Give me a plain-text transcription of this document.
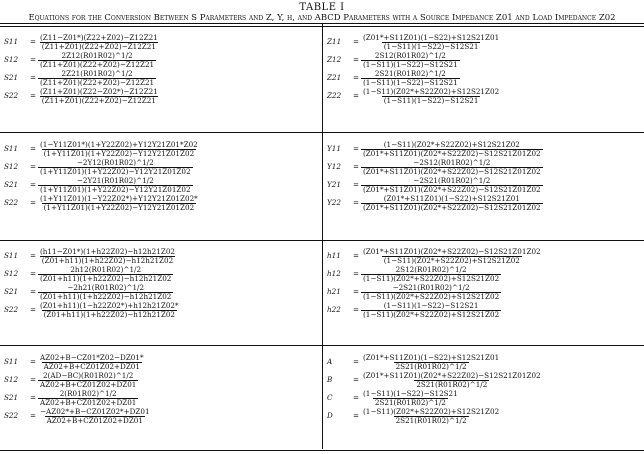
TABLE I
Equations for the Conversion Between S Parameters and Z, Y, h, and ABCD Parameters with a Source Impedance Z01 and Load Impedance Z02
S11	= $\frac{(Z11-Z01*)(Z22+Z02)-Z12Z21}{(Z11+Z01)(Z22+Z02)-Z12Z21}$
S12	= $\frac{2Z12(R01R02)\^{}1/2}{(Z11+Z01)(Z22+Z02)-Z12Z21}$
S21	= $\frac{2Z21(R01R02)\^{}1/2}{(Z11+Z01)(Z22+Z02)-Z12Z21}$
S22	= $\frac{(Z11+Z01)(Z22-Z02*)-Z12Z21}{(Z11+Z01)(Z22+Z02)-Z12Z21}$
Z11	= $\frac{(Z01*+S11Z01)(1-S22)+S12S21Z01}{(1-S11)(1-S22)-S12S21}$
Z12	= $\frac{2S12(R01R02)\^{}1/2}{(1-S11)(1-S22)-S12S21}$
Z21	= $\frac{2S21(R01R02)\^{}1/2}{(1-S11)(1-S22)-S12S21}$
Z22	= $\frac{(1-S11)(Z02*+S22Z02)+S12S21Z02}{(1-S11)(1-S22)-S12S21}$
S11	= $\frac{(1-Y11Z01*)(1+Y22Z02)+Y12Y21Z01*Z02}{(1+Y11Z01)(1+Y22Z02)-Y12Y21Z01Z02}$
S12	= $\frac{-2Y12(R01R02)\^{}1/2}{(1+Y11Z01)(1+Y22Z02)-Y12Y21Z01Z02}$
S21	= $\frac{-2Y21(R01R02)\^{}1/2}{(1+Y11Z01)(1+Y22Z02)-Y12Y21Z01Z02}$
S22	= $\frac{(1+Y11Z01)(1-Y22Z02*)+Y12Y21Z01Z02*}{(1+Y11Z01)(1+Y22Z02)-Y12Y21Z01Z02}$
Y11	= $\frac{(1-S11)(Z02*+S22Z02)+S12S21Z02}{(Z01*+S11Z01)(Z02*+S22Z02)-S12S21Z01Z02}$
Y12	= $\frac{-2S12(R01R02)\^{}1/2}{(Z01*+S11Z01)(Z02*+S22Z02)-S12S21Z01Z02}$
Y21	= $\frac{-2S21(R01R02)\^{}1/2}{(Z01*+S11Z01)(Z02*+S22Z02)-S12S21Z01Z02}$
Y22	= $\frac{(Z01*+S11Z01)(1-S22)+S12S21Z01}{(Z01*+S11Z01)(Z02*+S22Z02)-S12S21Z01Z02}$
S11	= $\frac{(h11-Z01*)(1+h22Z02)-h12h21Z02}{(Z01+h11)(1+h22Z02)-h12h21Z02}$
S12	= $\frac{2h12(R01R02)\^{}1/2}{(Z01+h11)(1+h22Z02)-h12h21Z02}$
S21	= $\frac{-2h21(R01R02)\^{}1/2}{(Z01+h11)(1+h22Z02)-h12h21Z02}$
S22	= $\frac{(Z01+h11)(1-h22Z02*)+h12h21Z02*}{(Z01+h11)(1+h22Z02)-h12h21Z02}$
h11	= $\frac{(Z01*+S11Z01)(Z02*+S22Z02)-S12S21Z01Z02}{(1-S11)(Z02*+S22Z02)+S12S21Z02}$
h12	= $\frac{2S12(R01R02)\^{}1/2}{(1-S11)(Z02*+S22Z02)+S12S21Z02}$
h21	= $\frac{-2S21(R01R02)\^{}1/2}{(1-S11)(Z02*+S22Z02)+S12S21Z02}$
h22	= $\frac{(1-S11)(1-S22)-S12S21}{(1-S11)(Z02*+S22Z02)+S12S21Z02}$
S11	= $\frac{AZ02+B-CZ01*Z02-DZ01*}{AZ02+B+CZ01Z02+DZ01}$
S12	= $\frac{2(AD-BC)(R01R02)\^{}1/2}{AZ02+B+CZ01Z02+DZ01}$
S21	= $\frac{2(R01R02)\^{}1/2}{AZ02+B+CZ01Z02+DZ01}$
S22	= $\frac{-AZ02*+B-CZ01Z02*+DZ01}{AZ02+B+CZ01Z02+DZ01}$
A	= $\frac{(Z01*+S11Z01)(1-S22)+S12S21Z01}{2S21(R01R02)\^{}1/2}$
B	= $\frac{(Z01*+S11Z01)(Z02*+S22Z02)-S12S21Z01Z02}{2S21(R01R02)\^{}1/2}$
C	= $\frac{(1-S11)(1-S22)-S12S21}{2S21(R01R02)\^{}1/2}$
D	= $\frac{(1-S11)(Z02*+S22Z02)+S12S21Z02}{2S21(R01R02)\^{}1/2}$
